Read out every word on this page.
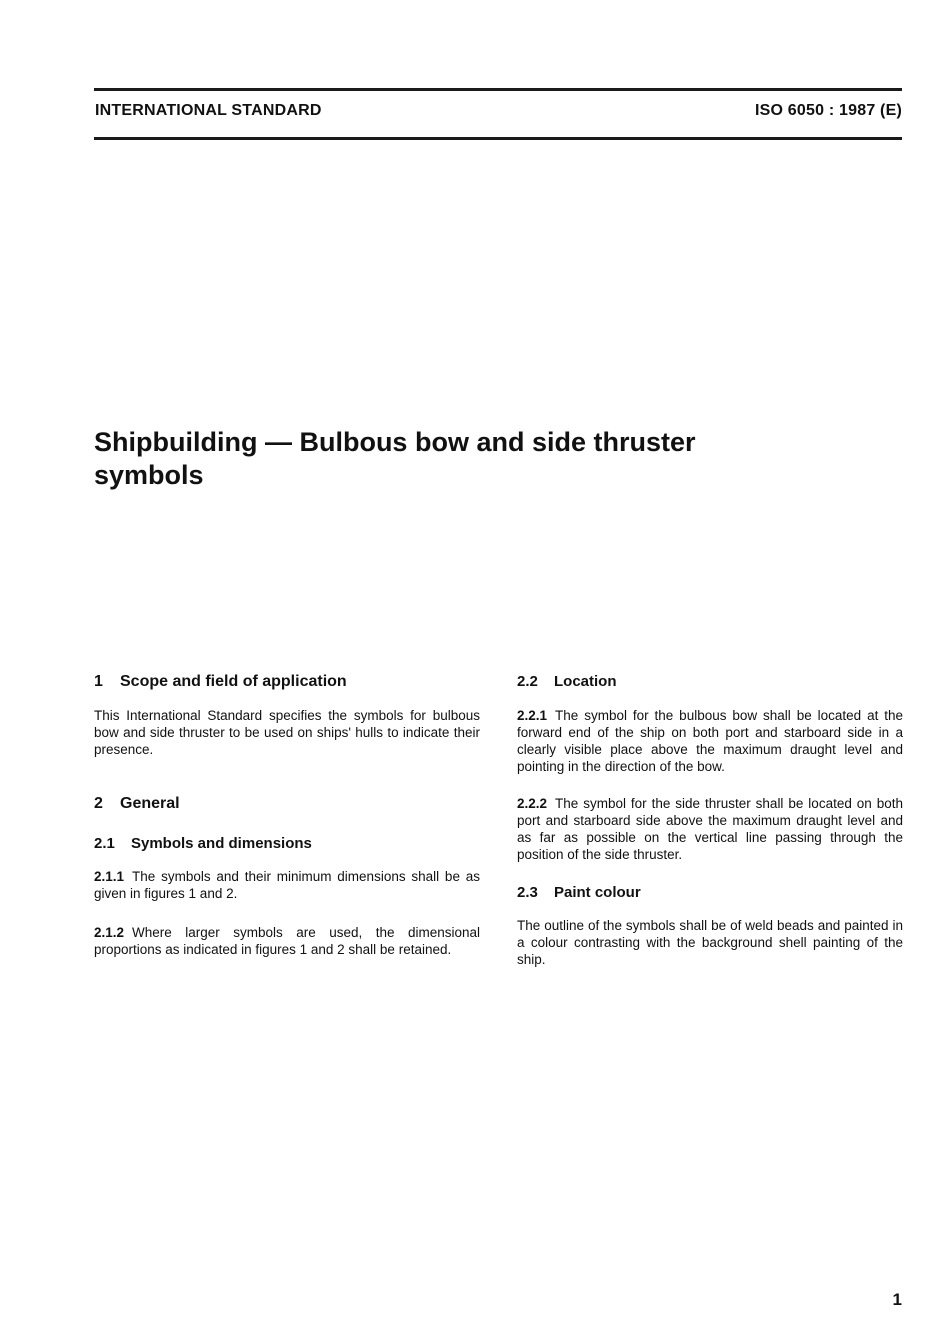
INTERNATIONAL STANDARD	ISO 6050 : 1987 (E)
Shipbuilding — Bulbous bow and side thruster
symbols
1 Scope and field of application

This International Standard specifies the symbols for bulbous bow and side thruster to be used on ships' hulls to indicate their presence.

2 General
2.1 Symbols and dimensions

2.1.1 The symbols and their minimum dimensions shall be as given in figures 1 and 2.

2.1.2 Where larger symbols are used, the dimensional proportions as indicated in figures 1 and 2 shall be retained.

2.2 Location

2.2.1 The symbol for the bulbous bow shall be located at the forward end of the ship on both port and starboard side in a clearly visible place above the maximum draught level and pointing in the direction of the bow.

2.2.2 The symbol for the side thruster shall be located on both port and starboard side above the maximum draught level and as far as possible on the vertical line passing through the position of the side thruster.

2.3 Paint colour

The outline of the symbols shall be of weld beads and painted in a colour contrasting with the background shell painting of the ship.

1
